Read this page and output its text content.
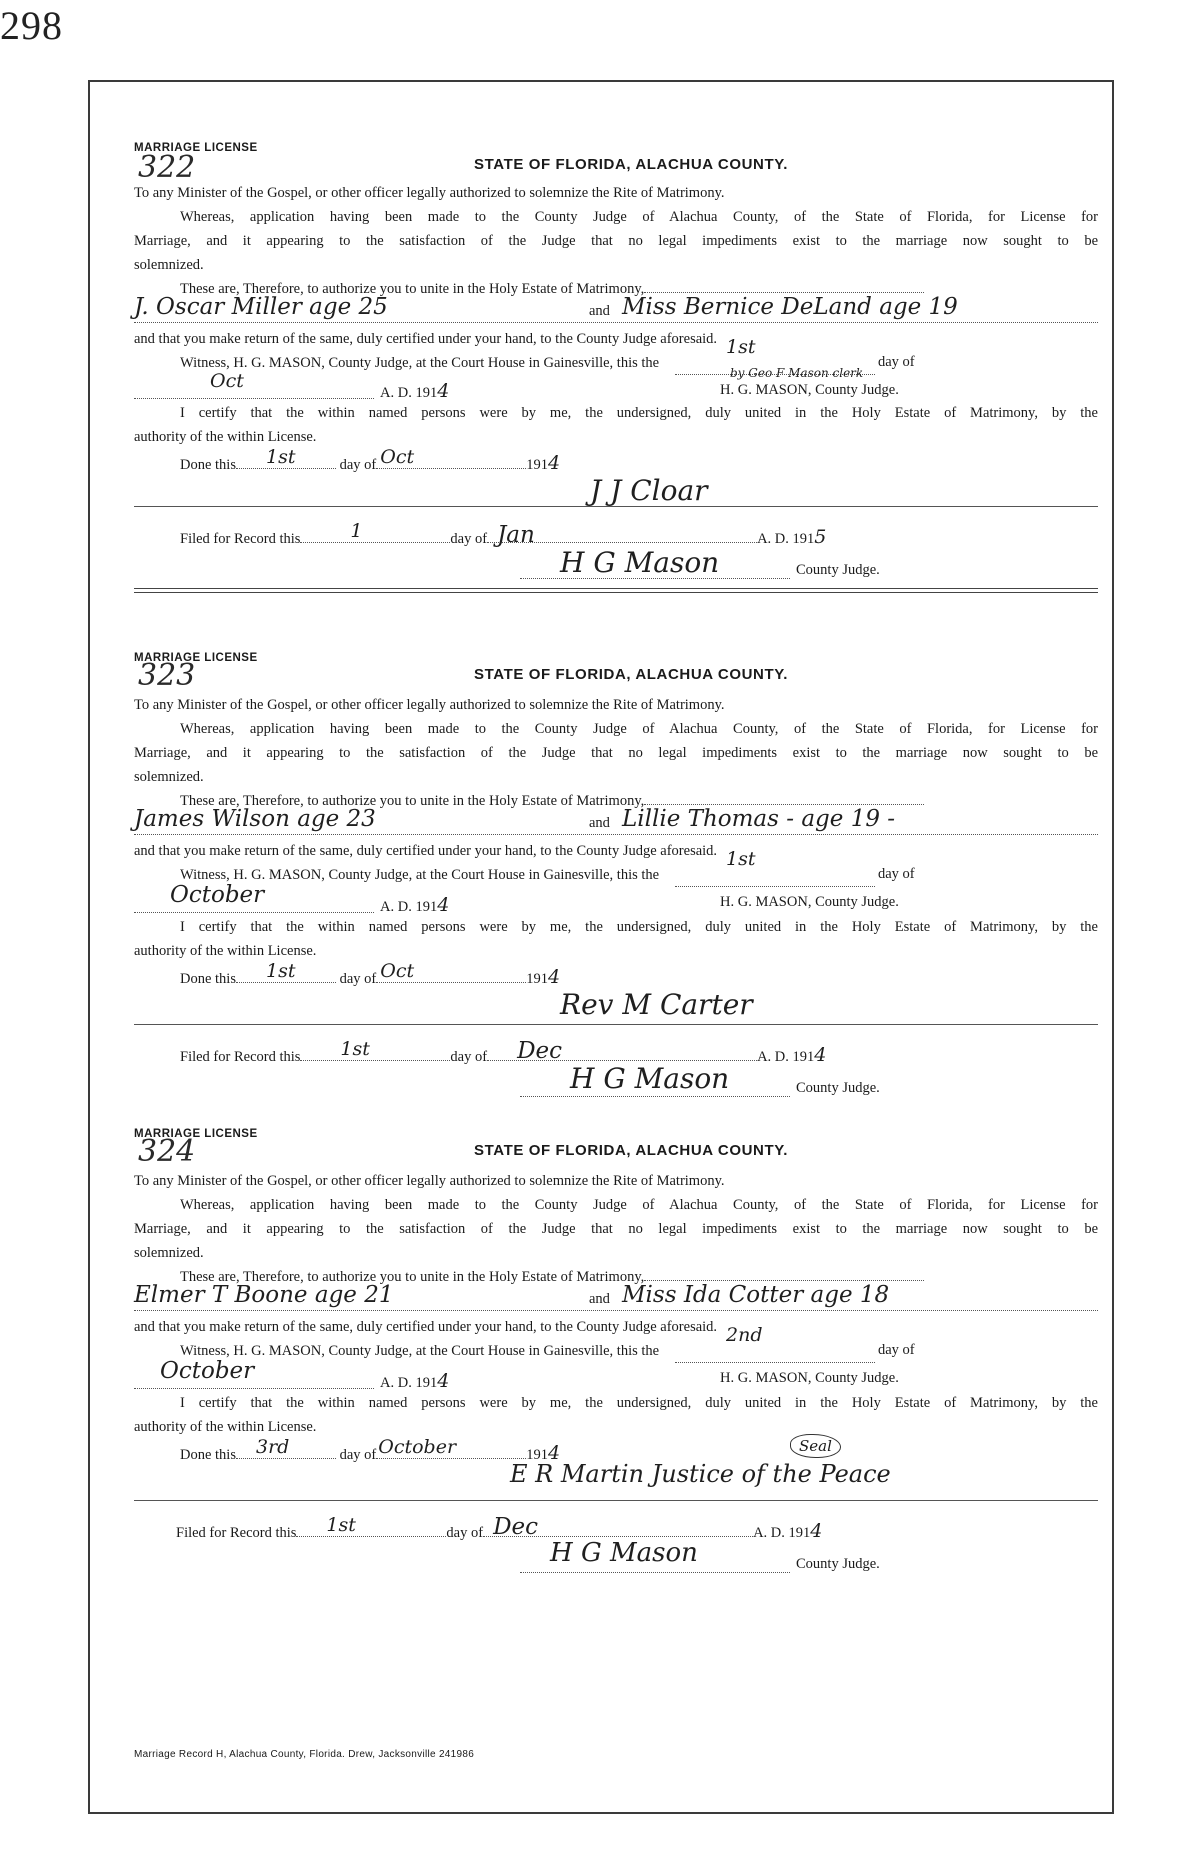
298
MARRIAGE LICENSE
322	STATE OF FLORIDA, ALACHUA COUNTY.
To any Minister of the Gospel, or other officer legally authorized to solemnize the Rite of Matrimony.
Whereas, application having been made to the County Judge of Alachua County, of the State of Florida, for License for
Marriage, and it appearing to the satisfaction of the Judge that no legal impediments exist to the marriage now sought to be
solemnized.
These are, Therefore, to authorize you to unite in the Holy Estate of Matrimony,
J. Oscar Miller age 25	and Miss Bernice DeLand age 19
and that you make return of the same, duly certified under your hand, to the County Judge aforesaid.
Witness, H. G. MASON, County Judge, at the Court House in Gainesville, this the
1st
day of
Oct
A. D. 1914
by Geo F Mason clerk
H. G. MASON, County Judge.
I certify that the within named persons were by me, the undersigned, duly united in the Holy Estate of Matrimony, by the
authority of the within License.
Done this 1st	day of Oct	1914
J J Cloar
Filed for Record this	1	day of Jan	A. D. 1915
H G Mason	County Judge.
MARRIAGE LICENSE
323	STATE OF FLORIDA, ALACHUA COUNTY.
To any Minister of the Gospel, or other officer legally authorized to solemnize the Rite of Matrimony.
Whereas, application having been made to the County Judge of Alachua County, of the State of Florida, for License for
Marriage, and it appearing to the satisfaction of the Judge that no legal impediments exist to the marriage now sought to be
solemnized.
These are, Therefore, to authorize you to unite in the Holy Estate of Matrimony,
James Wilson age 23	and Lillie Thomas - age 19 -
and that you make return of the same, duly certified under your hand, to the County Judge aforesaid.
Witness, H. G. MASON, County Judge, at the Court House in Gainesville, this the
1st
day of
October	A. D. 1914	H. G. MASON, County Judge.
I certify that the within named persons were by me, the undersigned, duly united in the Holy Estate of Matrimony, by the
authority of the within License.
Done this 1st	day of Oct	1914
Rev M Carter
Filed for Record this 1st	day of Dec	A. D. 1914
H G Mason	County Judge.
MARRIAGE LICENSE
324	STATE OF FLORIDA, ALACHUA COUNTY.
To any Minister of the Gospel, or other officer legally authorized to solemnize the Rite of Matrimony.
Whereas, application having been made to the County Judge of Alachua County, of the State of Florida, for License for
Marriage, and it appearing to the satisfaction of the Judge that no legal impediments exist to the marriage now sought to be
solemnized.
These are, Therefore, to authorize you to unite in the Holy Estate of Matrimony,
Elmer T Boone age 21	and Miss Ida Cotter age 18
and that you make return of the same, duly certified under your hand, to the County Judge aforesaid.
Witness, H. G. MASON, County Judge, at the Court House in Gainesville, this the
2nd
day of
October	A. D. 1914	H. G. MASON, County Judge.
I certify that the within named persons were by me, the undersigned, duly united in the Holy Estate of Matrimony, by the
authority of the within License.
Done this 3rd	day of October	1914
E R Martin Justice of the Peace
Seal
Filed for Record this 1st	day of Dec	A. D. 1914
H G Mason	County Judge.
Marriage Record H, Alachua County, Florida. Drew, Jacksonville 241986
